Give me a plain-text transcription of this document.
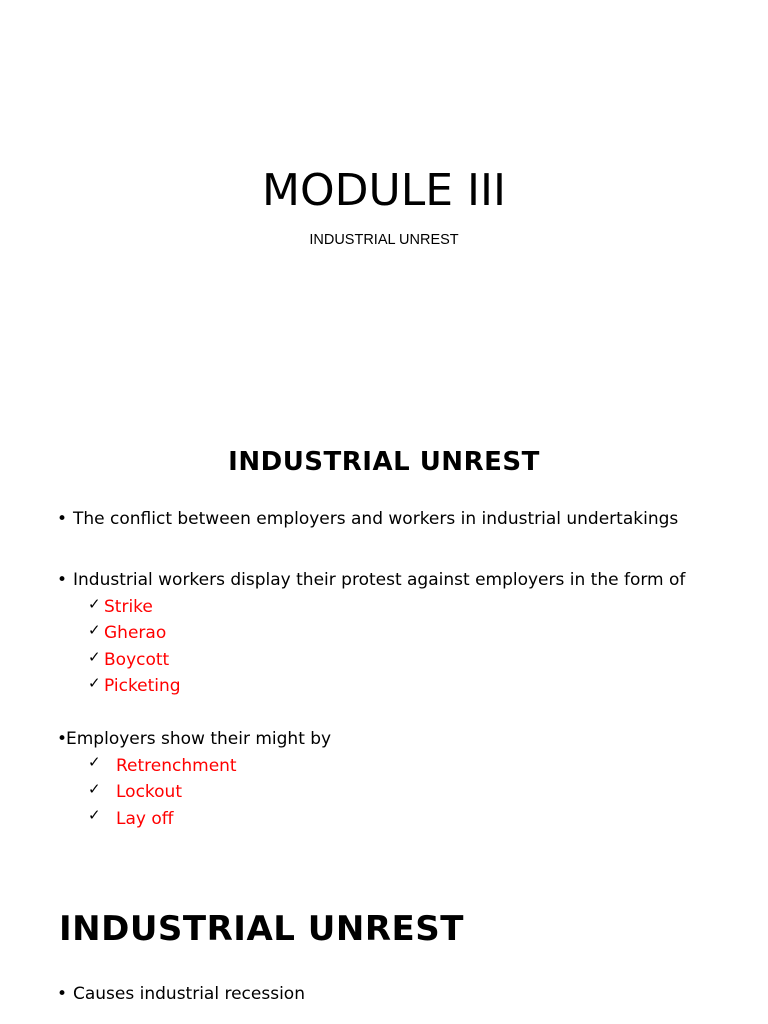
MODULE III
INDUSTRIAL UNREST
INDUSTRIAL UNREST
• The conflict between employers and workers in industrial undertakings
• Industrial workers display their protest against employers in the form of
✓ Strike
✓ Gherao
✓ Boycott
✓ Picketing
•
Employers show their might by
✓ Retrenchment
✓ Lockout
✓ Lay off
INDUSTRIAL UNREST
• Causes industrial recession
